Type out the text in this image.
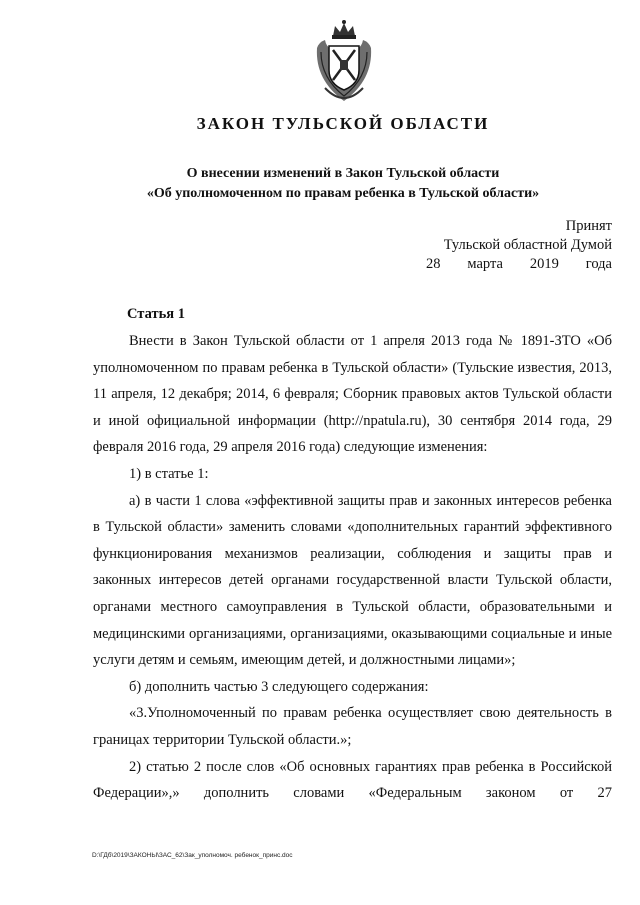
ЗАКОН ТУЛЬСКОЙ ОБЛАСТИ
О внесении изменений в Закон Тульской области
«Об уполномоченном по правам ребенка в Тульской области»
Принят
Тульской областной Думой
28 марта 2019 года
Статья 1

Внести в Закон Тульской области от 1 апреля 2013 года № 1891-ЗТО «Об уполномоченном по правам ребенка в Тульской области» (Тульские известия, 2013, 11 апреля, 12 декабря; 2014, 6 февраля; Сборник правовых актов Тульской области и иной официальной информации (http://npatula.ru), 30 сентября 2014 года, 29 февраля 2016 года, 29 апреля 2016 года) следующие изменения:

1) в статье 1:

а) в части 1 слова «эффективной защиты прав и законных интересов ребенка в Тульской области» заменить словами «дополнительных гарантий эффективного функционирования механизмов реализации, соблюдения и защиты прав и законных интересов детей органами государственной власти Тульской области, органами местного самоуправления в Тульской области, образовательными и медицинскими организациями, организациями, оказывающими социальные и иные услуги детям и семьям, имеющим детей, и должностными лицами»;

б) дополнить частью 3 следующего содержания:

«3.Уполномоченный по правам ребенка осуществляет свою деятельность в границах территории Тульской области.»;

2) статью 2 после слов «Об основных гарантиях прав ребенка в Российской Федерации»,» дополнить словами «Федеральным законом от 27

D:\ГДб\2019\ЗАКОНЫ\ЗАС_62\Зак_уполномоч. ребенок_принс.doc
